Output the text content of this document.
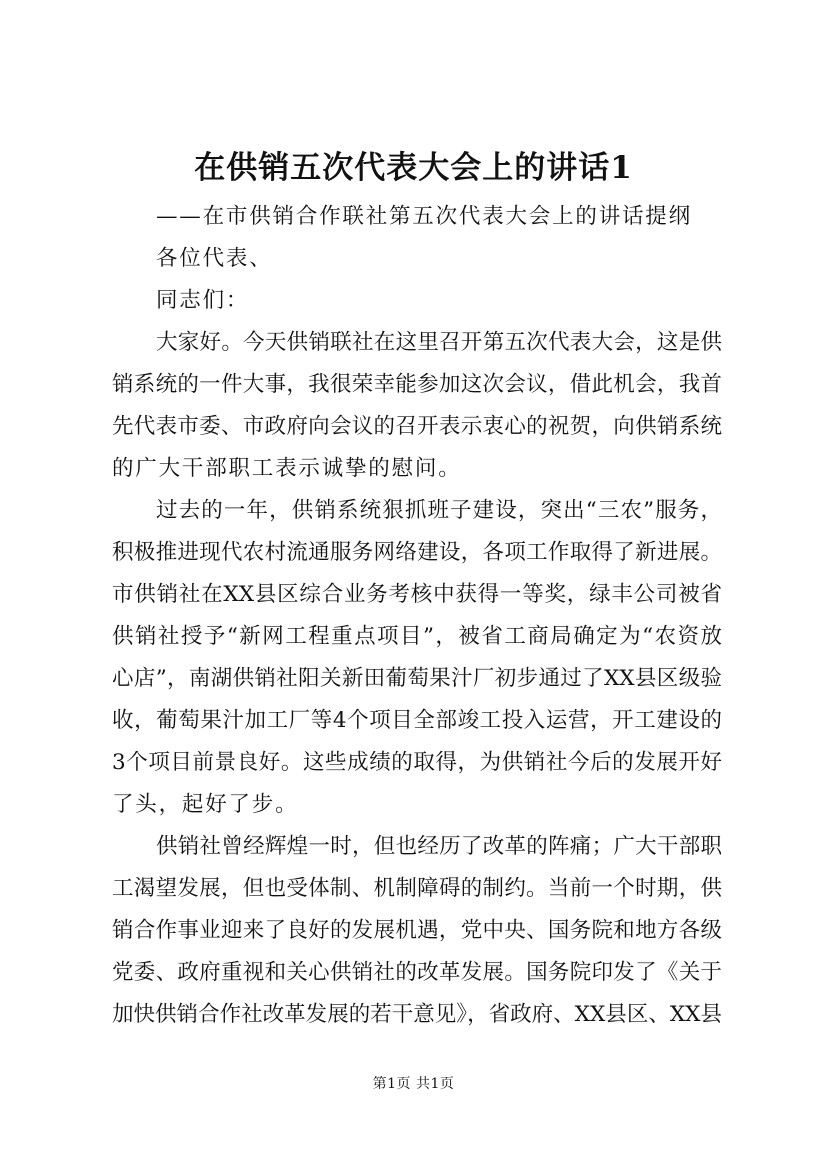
在供销五次代表大会上的讲话1
——在市供销合作联社第五次代表大会上的讲话提纲
各位代表、
同志们：
大家好。今天供销联社在这里召开第五次代表大会，这是供
销系统的一件大事，我很荣幸能参加这次会议，借此机会，我首
先代表市委、市政府向会议的召开表示衷心的祝贺，向供销系统
的广大干部职工表示诚挚的慰问。
过去的一年，供销系统狠抓班子建设，突出“三农”服务，
积极推进现代农村流通服务网络建设，各项工作取得了新进展。
市供销社在XX县区综合业务考核中获得一等奖，绿丰公司被省
供销社授予“新网工程重点项目”，被省工商局确定为“农资放
心店”，南湖供销社阳关新田葡萄果汁厂初步通过了XX县区级验
收，葡萄果汁加工厂等4个项目全部竣工投入运营，开工建设的
3个项目前景良好。这些成绩的取得，为供销社今后的发展开好
了头，起好了步。
供销社曾经辉煌一时，但也经历了改革的阵痛；广大干部职
工渴望发展，但也受体制、机制障碍的制约。当前一个时期，供
销合作事业迎来了良好的发展机遇，党中央、国务院和地方各级
党委、政府重视和关心供销社的改革发展。国务院印发了《关于
加快供销合作社改革发展的若干意见》，省政府、XX县区、XX县
第1页 共1页
